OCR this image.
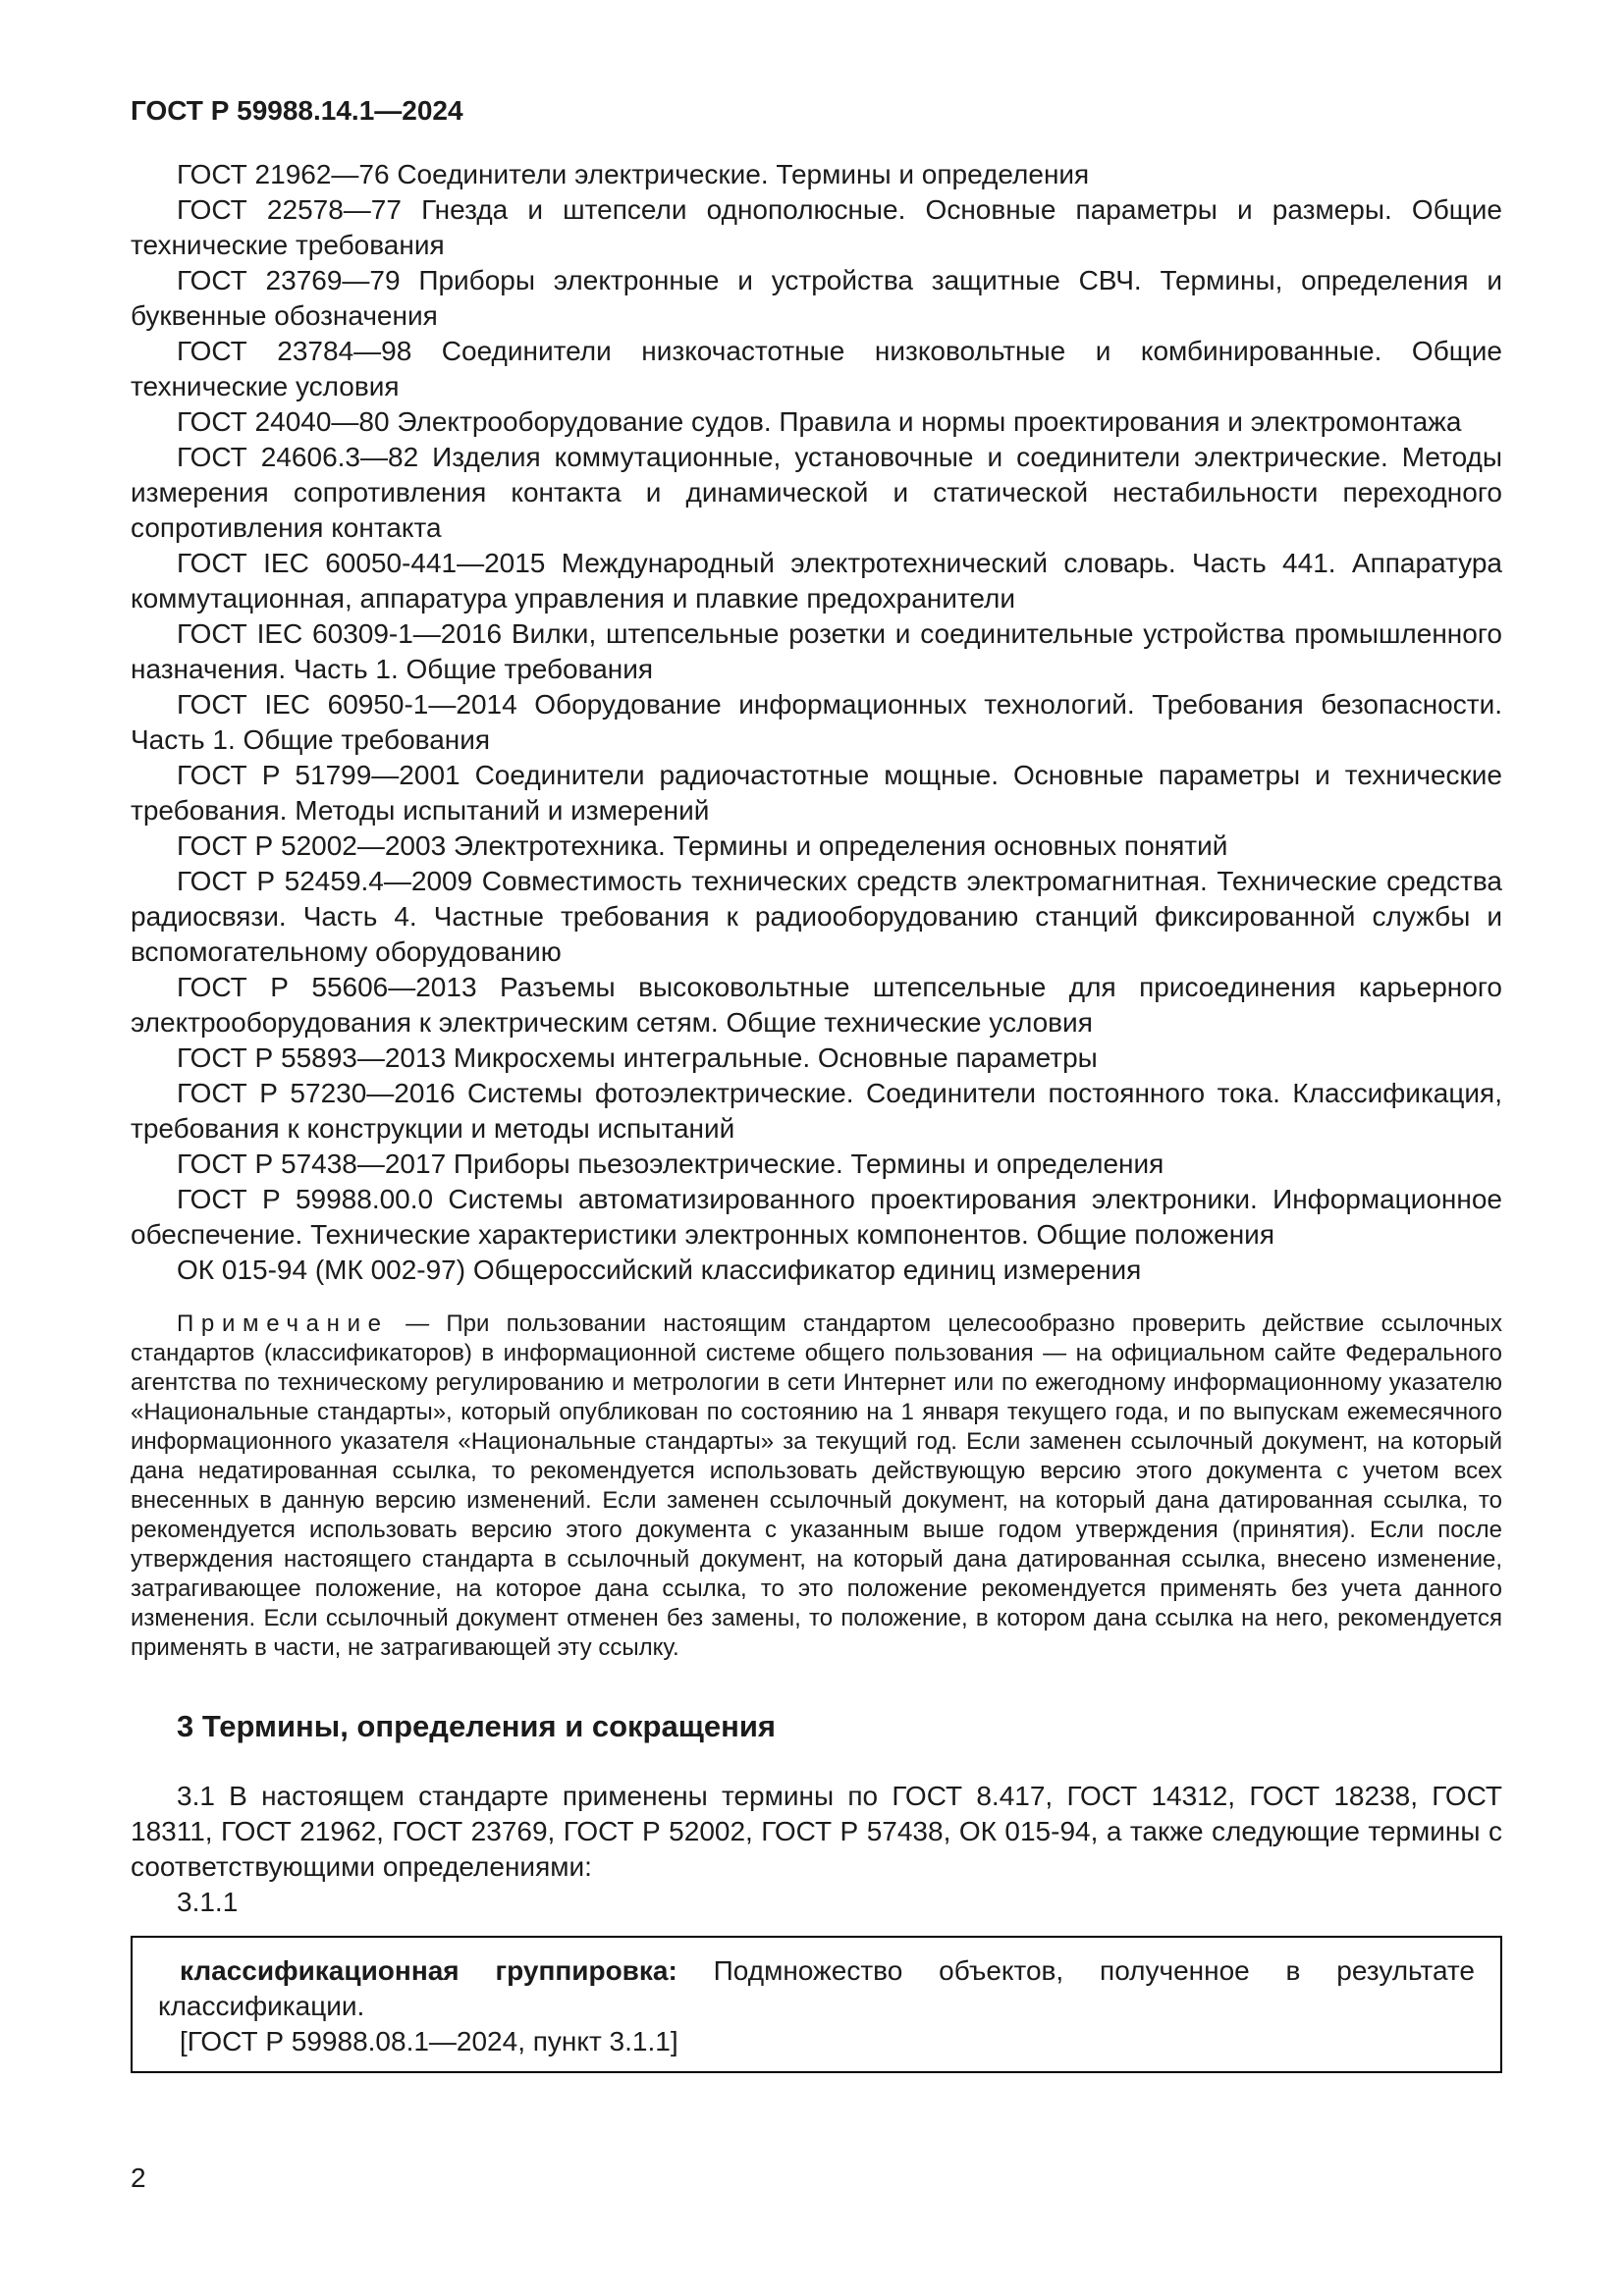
ГОСТ Р 59988.14.1—2024

ГОСТ 21962—76 Соединители электрические. Термины и определения

ГОСТ 22578—77 Гнезда и штепсели однополюсные. Основные параметры и размеры. Общие технические требования

ГОСТ 23769—79 Приборы электронные и устройства защитные СВЧ. Термины, определения и буквенные обозначения

ГОСТ 23784—98 Соединители низкочастотные низковольтные и комбинированные. Общие технические условия

ГОСТ 24040—80 Электрооборудование судов. Правила и нормы проектирования и электромонтажа

ГОСТ 24606.3—82 Изделия коммутационные, установочные и соединители электрические. Методы измерения сопротивления контакта и динамической и статической нестабильности переходного сопротивления контакта

ГОСТ IEC 60050-441—2015 Международный электротехнический словарь. Часть 441. Аппаратура коммутационная, аппаратура управления и плавкие предохранители

ГОСТ IEC 60309-1—2016 Вилки, штепсельные розетки и соединительные устройства промышленного назначения. Часть 1. Общие требования

ГОСТ IEC 60950-1—2014 Оборудование информационных технологий. Требования безопасности. Часть 1. Общие требования

ГОСТ Р 51799—2001 Соединители радиочастотные мощные. Основные параметры и технические требования. Методы испытаний и измерений

ГОСТ Р 52002—2003 Электротехника. Термины и определения основных понятий

ГОСТ Р 52459.4—2009 Совместимость технических средств электромагнитная. Технические средства радиосвязи. Часть 4. Частные требования к радиооборудованию станций фиксированной службы и вспомогательному оборудованию

ГОСТ Р 55606—2013 Разъемы высоковольтные штепсельные для присоединения карьерного электрооборудования к электрическим сетям. Общие технические условия

ГОСТ Р 55893—2013 Микросхемы интегральные. Основные параметры

ГОСТ Р 57230—2016 Системы фотоэлектрические. Соединители постоянного тока. Классификация, требования к конструкции и методы испытаний

ГОСТ Р 57438—2017 Приборы пьезоэлектрические. Термины и определения

ГОСТ Р 59988.00.0 Системы автоматизированного проектирования электроники. Информационное обеспечение. Технические характеристики электронных компонентов. Общие положения

ОК 015-94 (МК 002-97) Общероссийский классификатор единиц измерения

Примечание — При пользовании настоящим стандартом целесообразно проверить действие ссылочных стандартов (классификаторов) в информационной системе общего пользования — на официальном сайте Федерального агентства по техническому регулированию и метрологии в сети Интернет или по ежегодному информационному указателю «Национальные стандарты», который опубликован по состоянию на 1 января текущего года, и по выпускам ежемесячного информационного указателя «Национальные стандарты» за текущий год. Если заменен ссылочный документ, на который дана недатированная ссылка, то рекомендуется использовать действующую версию этого документа с учетом всех внесенных в данную версию изменений. Если заменен ссылочный документ, на который дана датированная ссылка, то рекомендуется использовать версию этого документа с указанным выше годом утверждения (принятия). Если после утверждения настоящего стандарта в ссылочный документ, на который дана датированная ссылка, внесено изменение, затрагивающее положение, на которое дана ссылка, то это положение рекомендуется применять без учета данного изменения. Если ссылочный документ отменен без замены, то положение, в котором дана ссылка на него, рекомендуется применять в части, не затрагивающей эту ссылку.

3 Термины, определения и сокращения

3.1 В настоящем стандарте применены термины по ГОСТ 8.417, ГОСТ 14312, ГОСТ 18238, ГОСТ 18311, ГОСТ 21962, ГОСТ 23769, ГОСТ Р 52002, ГОСТ Р 57438, ОК 015-94, а также следующие термины с соответствующими определениями:

3.1.1

классификационная группировка: Подмножество объектов, полученное в результате классификации.

[ГОСТ Р 59988.08.1—2024, пункт 3.1.1]

2
